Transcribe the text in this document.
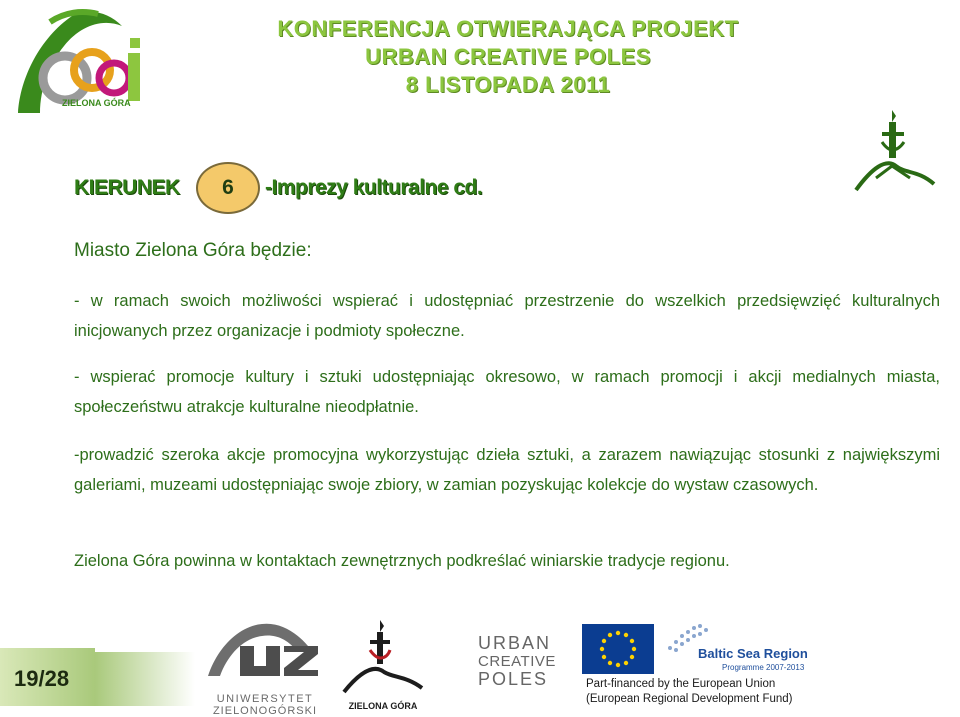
ZIELONA GÓRA
KONFERENCJA OTWIERAJĄCA PROJEKT
URBAN CREATIVE POLES
8 LISTOPADA 2011
KIERUNEK	6	-Imprezy kulturalne cd.
Miasto Zielona Góra będzie:
- w ramach swoich możliwości wspierać i udostępniać przestrzenie do wszelkich przedsięwzięć kulturalnych inicjowanych przez organizacje i podmioty społeczne.
- wspierać promocje kultury i sztuki udostępniając okresowo, w ramach promocji i akcji medialnych miasta, społeczeństwu atrakcje kulturalne nieodpłatnie.
-prowadzić szeroka akcje promocyjna wykorzystując dzieła sztuki, a zarazem nawiązując stosunki z największymi galeriami, muzeami udostępniając swoje zbiory, w zamian pozyskując kolekcje do wystaw czasowych.
Zielona Góra powinna w kontaktach zewnętrznych podkreślać winiarskie tradycje regionu.
19/28
UNIWERSYTET
ZIELONOGÓRSKI	ZIELONA GÓRA
URBAN
CREATIVE
POLES
Baltic Sea Region
Programme 2007-2013
Part-financed by the European Union
(European Regional Development Fund)
